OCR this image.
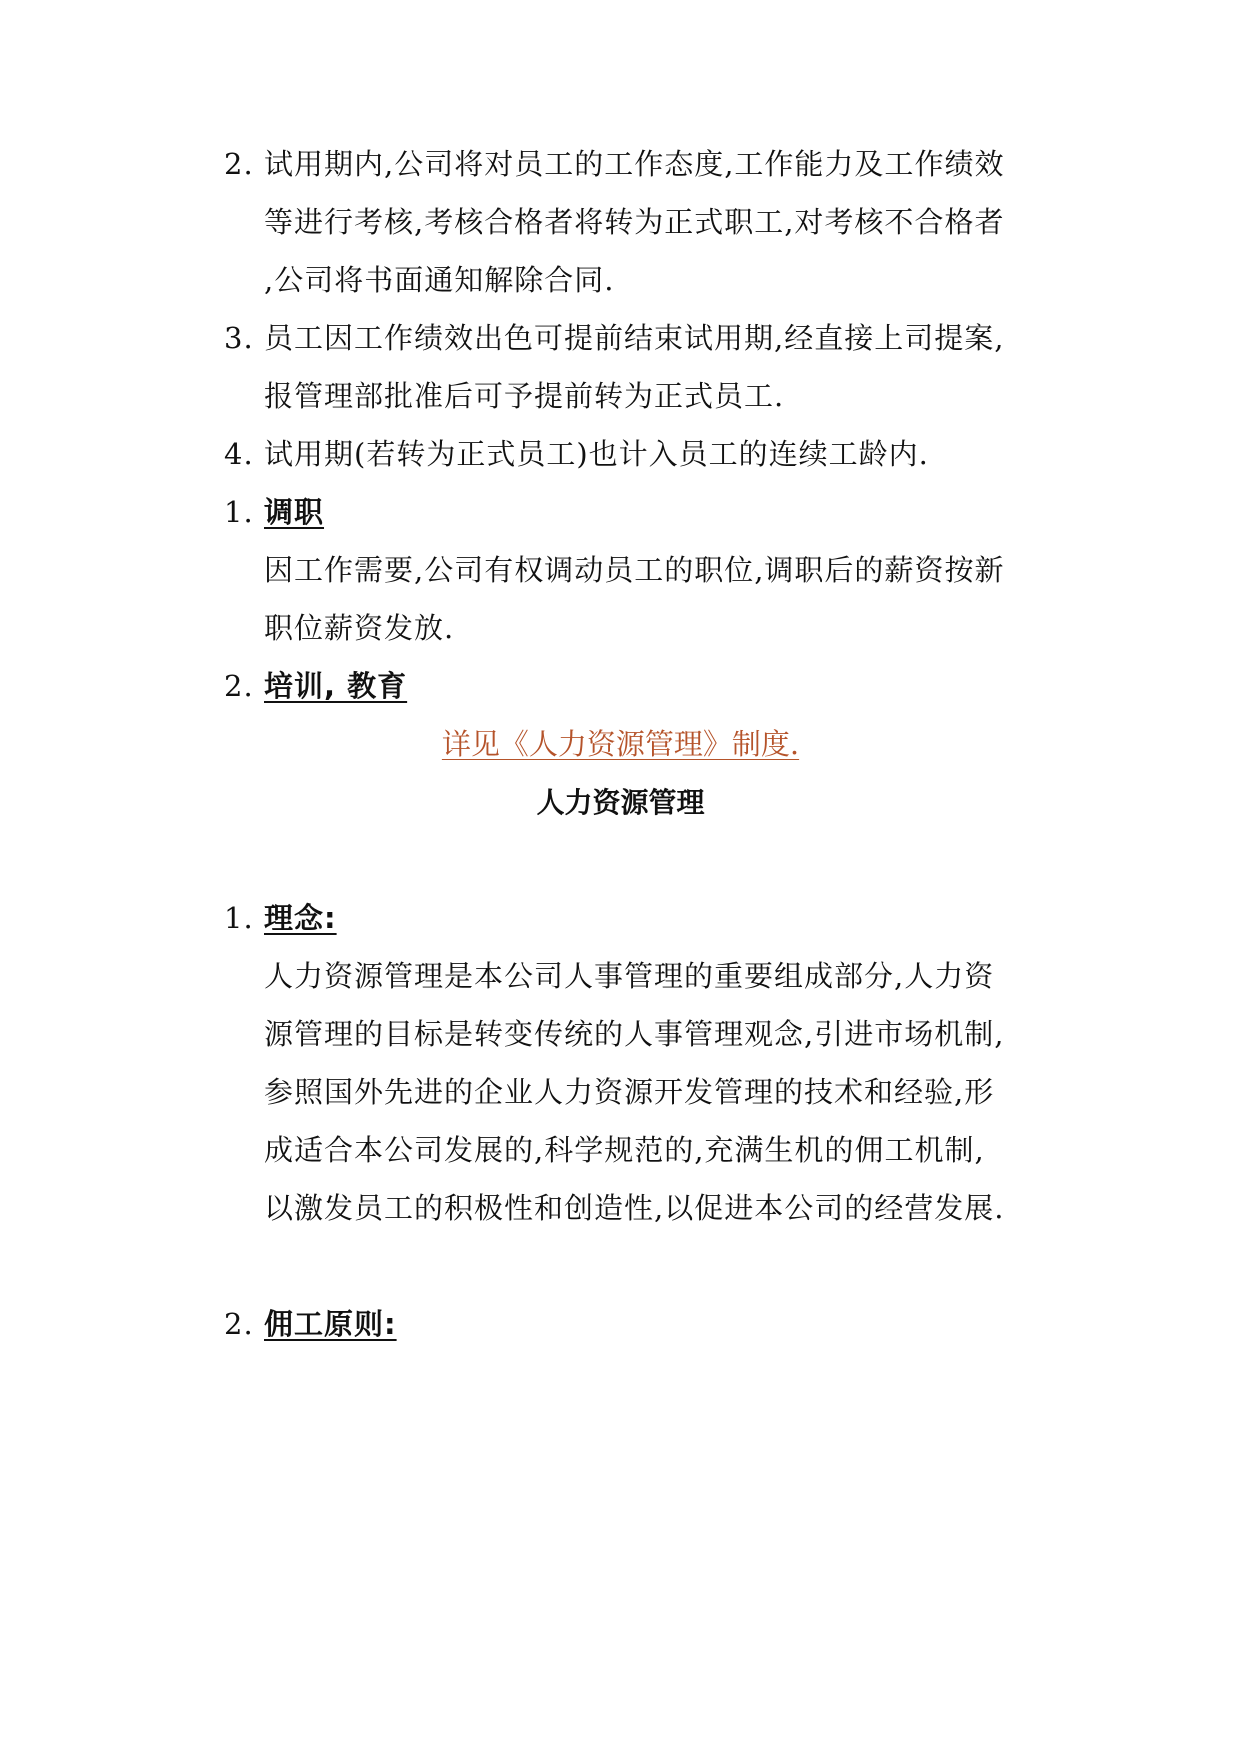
2. 试用期内,公司将对员工的工作态度,工作能力及工作绩效
等进行考核,考核合格者将转为正式职工,对考核不合格者
,公司将书面通知解除合同.
3. 员工因工作绩效出色可提前结束试用期,经直接上司提案,
报管理部批准后可予提前转为正式员工.
4. 试用期(若转为正式员工)也计入员工的连续工龄内.
1. 调职
因工作需要,公司有权调动员工的职位,调职后的薪资按新
职位薪资发放.
2. 培训, 教育
详见《人力资源管理》制度.
人力资源管理
1. 理念:
人力资源管理是本公司人事管理的重要组成部分,人力资
源管理的目标是转变传统的人事管理观念,引进市场机制,
参照国外先进的企业人力资源开发管理的技术和经验,形
成适合本公司发展的,科学规范的,充满生机的佣工机制,
以激发员工的积极性和创造性,以促进本公司的经营发展.
2. 佣工原则:
